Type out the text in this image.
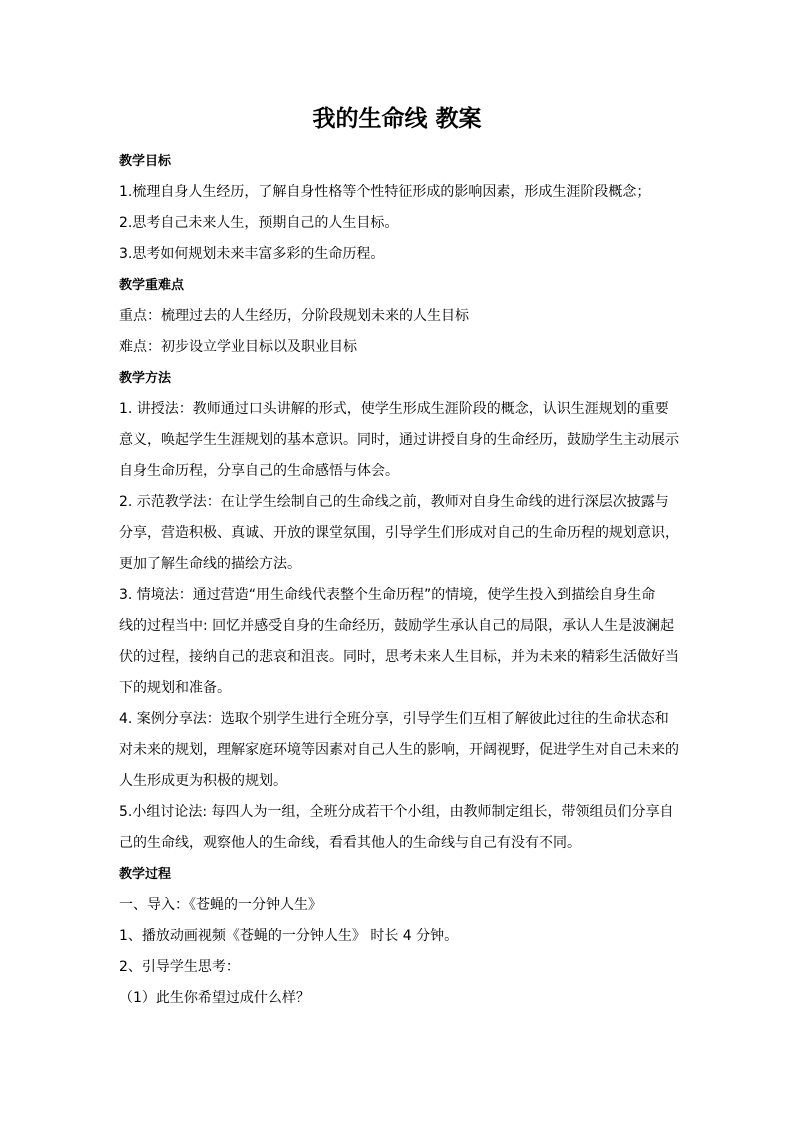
我的生命线 教案
教学目标
1.梳理自身人生经历，了解自身性格等个性特征形成的影响因素，形成生涯阶段概念；
2.思考自己未来人生，预期自己的人生目标。
3.思考如何规划未来丰富多彩的生命历程。
教学重难点
重点：梳理过去的人生经历，分阶段规划未来的人生目标
难点：初步设立学业目标以及职业目标
教学方法
1. 讲授法：教师通过口头讲解的形式，使学生形成生涯阶段的概念，认识生涯规划的重要
意义，唤起学生生涯规划的基本意识。同时，通过讲授自身的生命经历，鼓励学生主动展示
自身生命历程，分享自己的生命感悟与体会。
2. 示范教学法：在让学生绘制自己的生命线之前，教师对自身生命线的进行深层次披露与
分享，营造积极、真诚、开放的课堂氛围，引导学生们形成对自己的生命历程的规划意识，
更加了解生命线的描绘方法。
3. 情境法：通过营造“用生命线代表整个生命历程”的情境，使学生投入到描绘自身生命
线的过程当中: 回忆并感受自身的生命经历，鼓励学生承认自己的局限，承认人生是波澜起
伏的过程，接纳自己的悲哀和沮丧。同时，思考未来人生目标，并为未来的精彩生活做好当
下的规划和准备。
4. 案例分享法：选取个别学生进行全班分享，引导学生们互相了解彼此过往的生命状态和
对未来的规划，理解家庭环境等因素对自己人生的影响，开阔视野，促进学生对自己未来的
人生形成更为积极的规划。
5.小组讨论法: 每四人为一组，全班分成若干个小组，由教师制定组长，带领组员们分享自
己的生命线，观察他人的生命线，看看其他人的生命线与自己有没有不同。
教学过程
一、导入：《苍蝇的一分钟人生》
1、播放动画视频《苍蝇的一分钟人生》 时长 4 分钟。
2、引导学生思考：
（1）此生你希望过成什么样？
